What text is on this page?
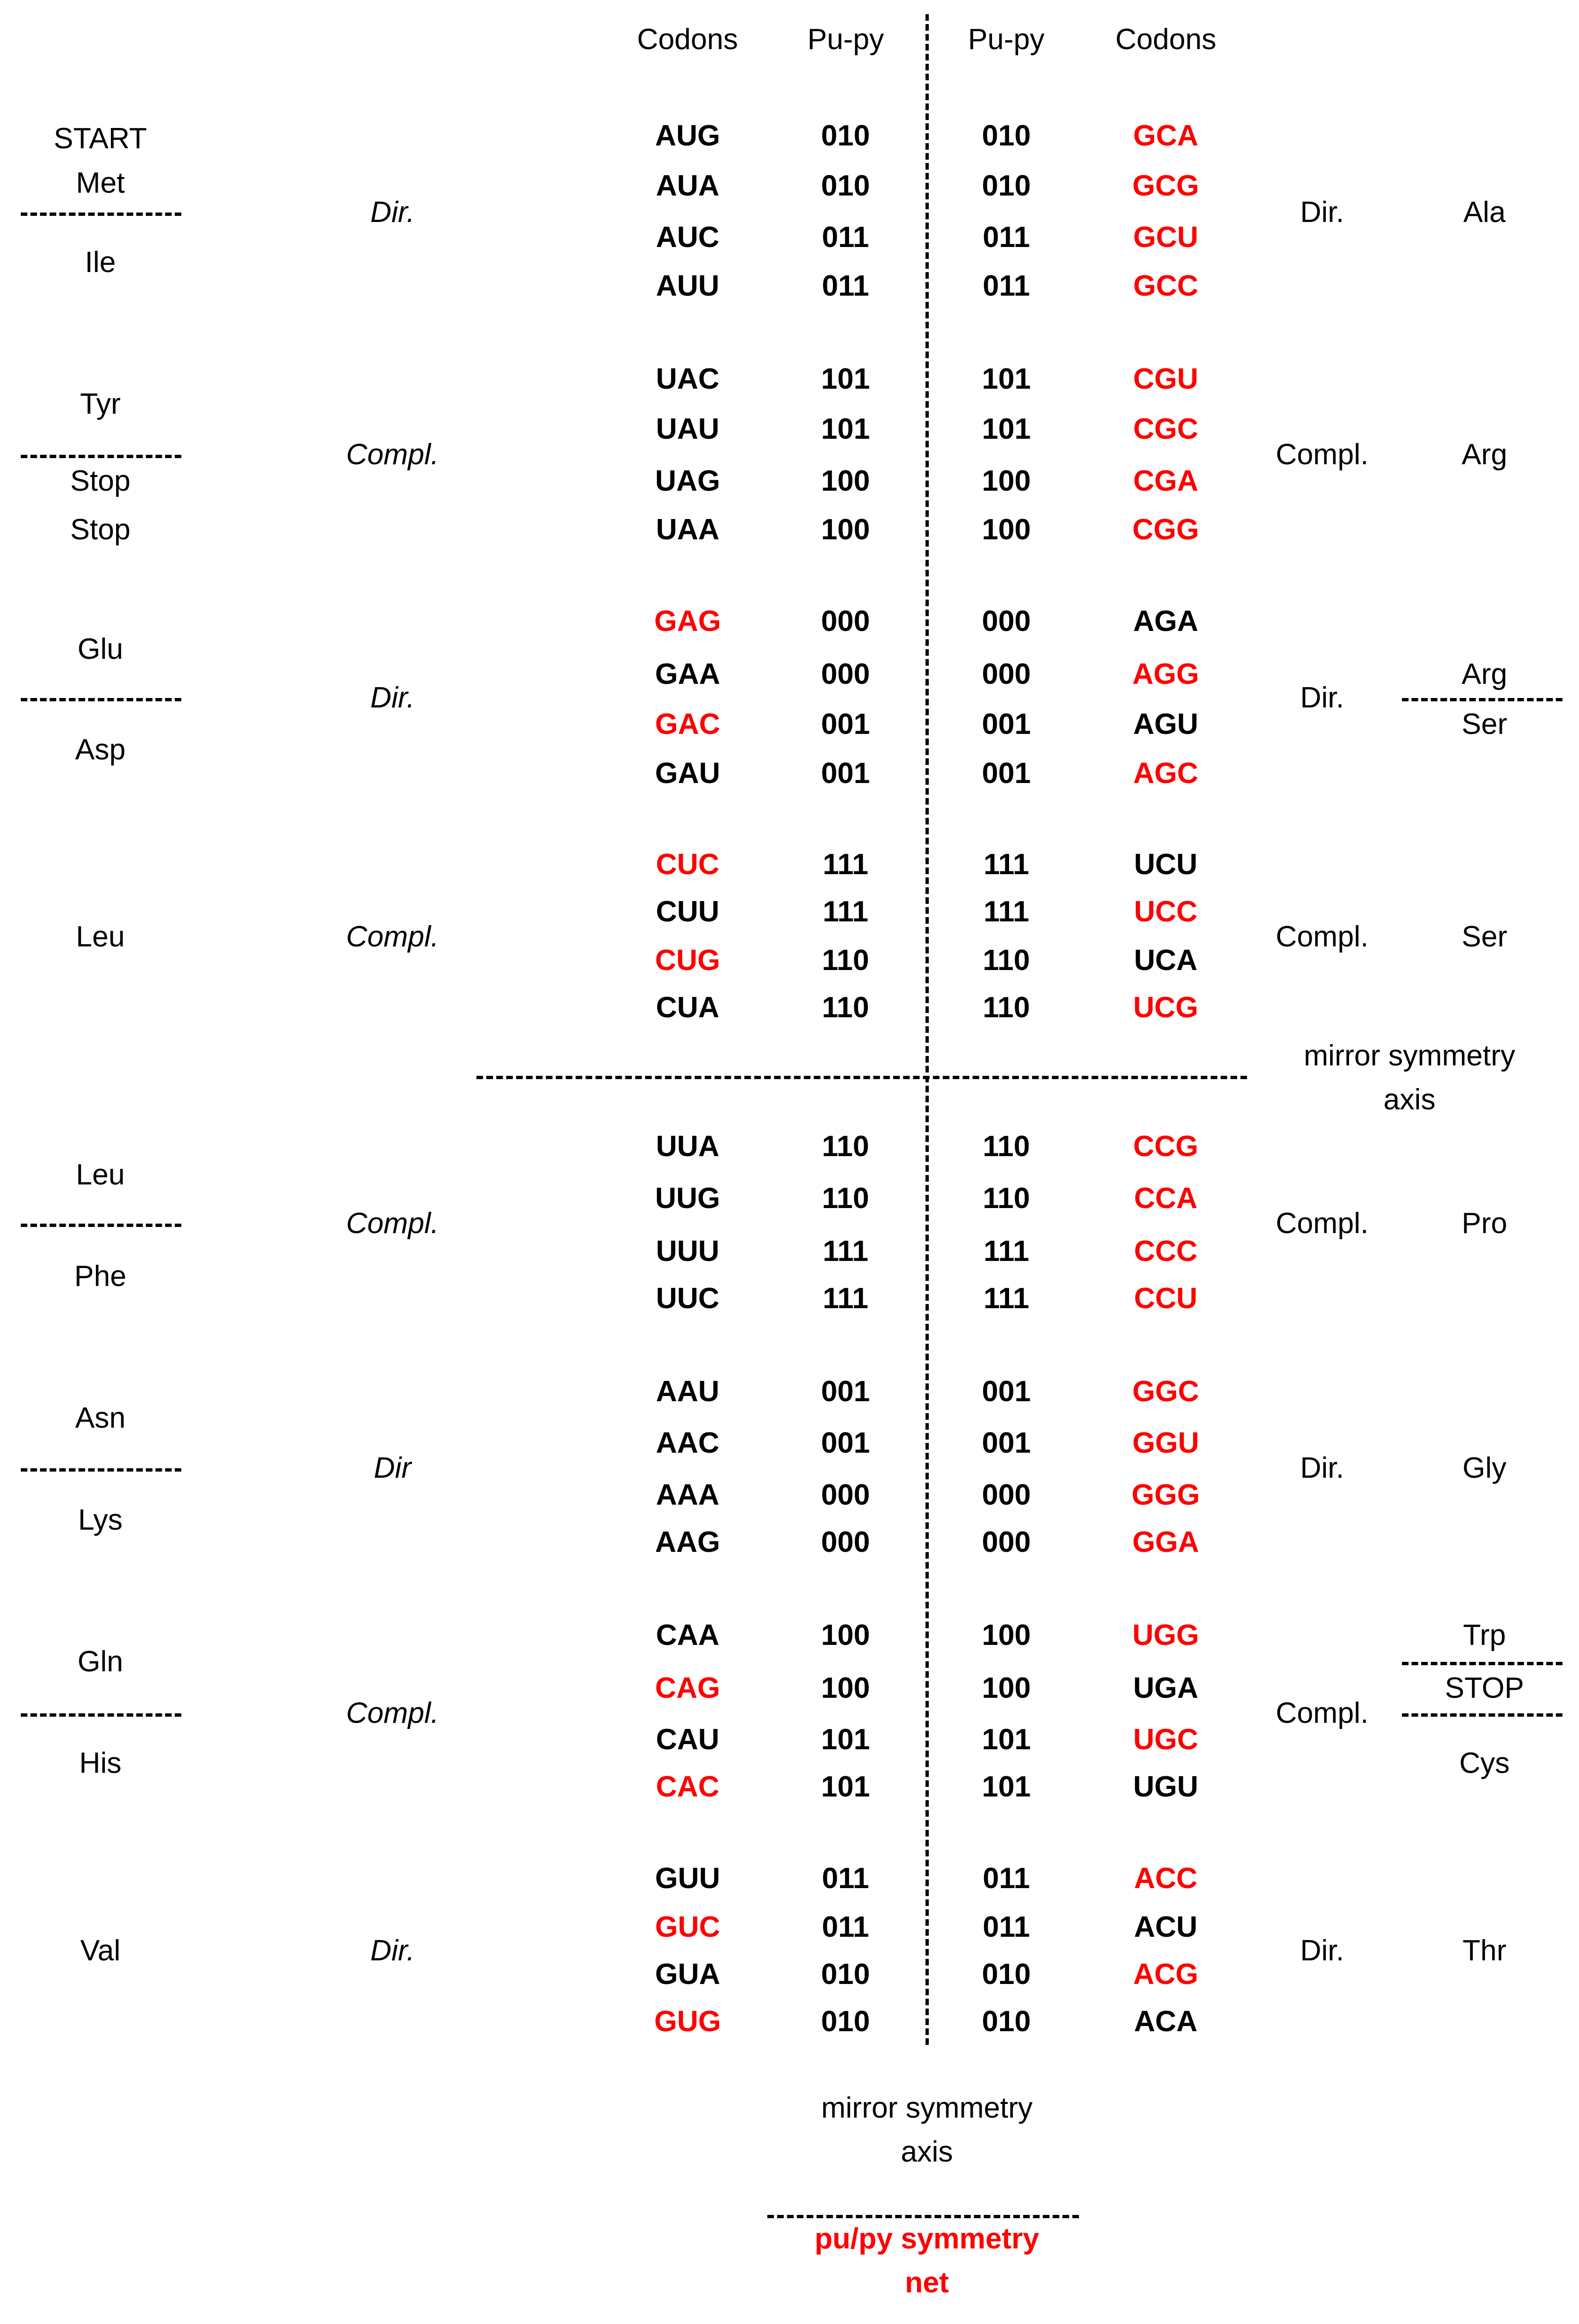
Codons Pu-py	Pu-py Codons
AUG	010	010	GCA
AUA	010	010	GCG
AUC	011	011	GCU
AUU	011	011	GCC
START
Met
Ile
Dir.	Dir.	Ala
UAC	101	101	CGU
UAU	101	101	CGC
UAG	100	100	CGA
UAA	100	100	CGG
Tyr
Stop
Stop
Compl.	Compl.	Arg
GAG	000	000	AGA
GAA	000	000	AGG
GAC	001	001	AGU
GAU	001	001	AGC
Glu
Asp
Dir.	Dir.
Arg
Ser
CUC	111	111	UCU
CUU	111	111	UCC
CUG	110	110	UCA
CUA	110	110	UCG
Leu	Compl.	Compl.	Ser
UUA	110	110	CCG
UUG	110	110	CCA
UUU	111	111	CCC
UUC	111	111	CCU
Leu
Phe
Compl.	Compl.	Pro
AAU	001	001	GGC
AAC	001	001	GGU
AAA	000	000	GGG
AAG	000	000	GGA
Asn
Lys
Dir	Dir.	Gly
CAA	100	100	UGG
CAG	100	100	UGA
CAU	101	101	UGC
CAC	101	101	UGU
Gln
His
Compl.	Compl.
Trp
STOP
Cys
GUU	011	011	ACC
GUC	011	011	ACU
GUA	010	010	ACG
GUG	010	010	ACA
Val	Dir.	Dir.	Thr
mirror symmetry
axis
mirror symmetry
axis
pu/py symmetry
net
